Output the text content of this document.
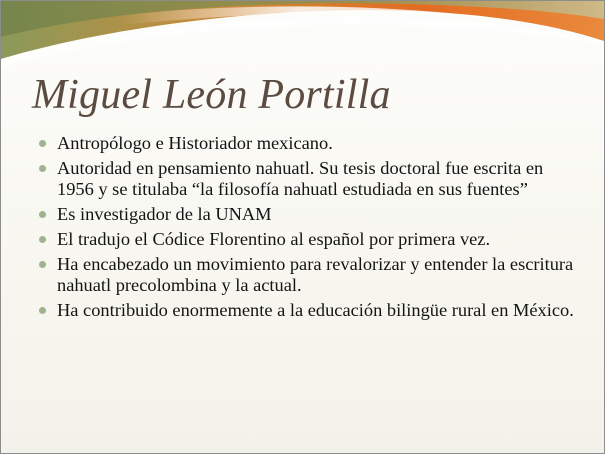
Miguel León Portilla
Antropólogo e Historiador mexicano.
Autoridad en pensamiento nahuatl. Su tesis doctoral fue escrita en 1956 y se titulaba “la filosofía nahuatl estudiada en sus fuentes”
Es investigador de la UNAM
El tradujo el Códice Florentino al español por primera vez.
Ha encabezado un movimiento para revalorizar y entender la escritura nahuatl precolombina y la actual.
Ha contribuido enormemente a la educación bilingüe rural en México.
